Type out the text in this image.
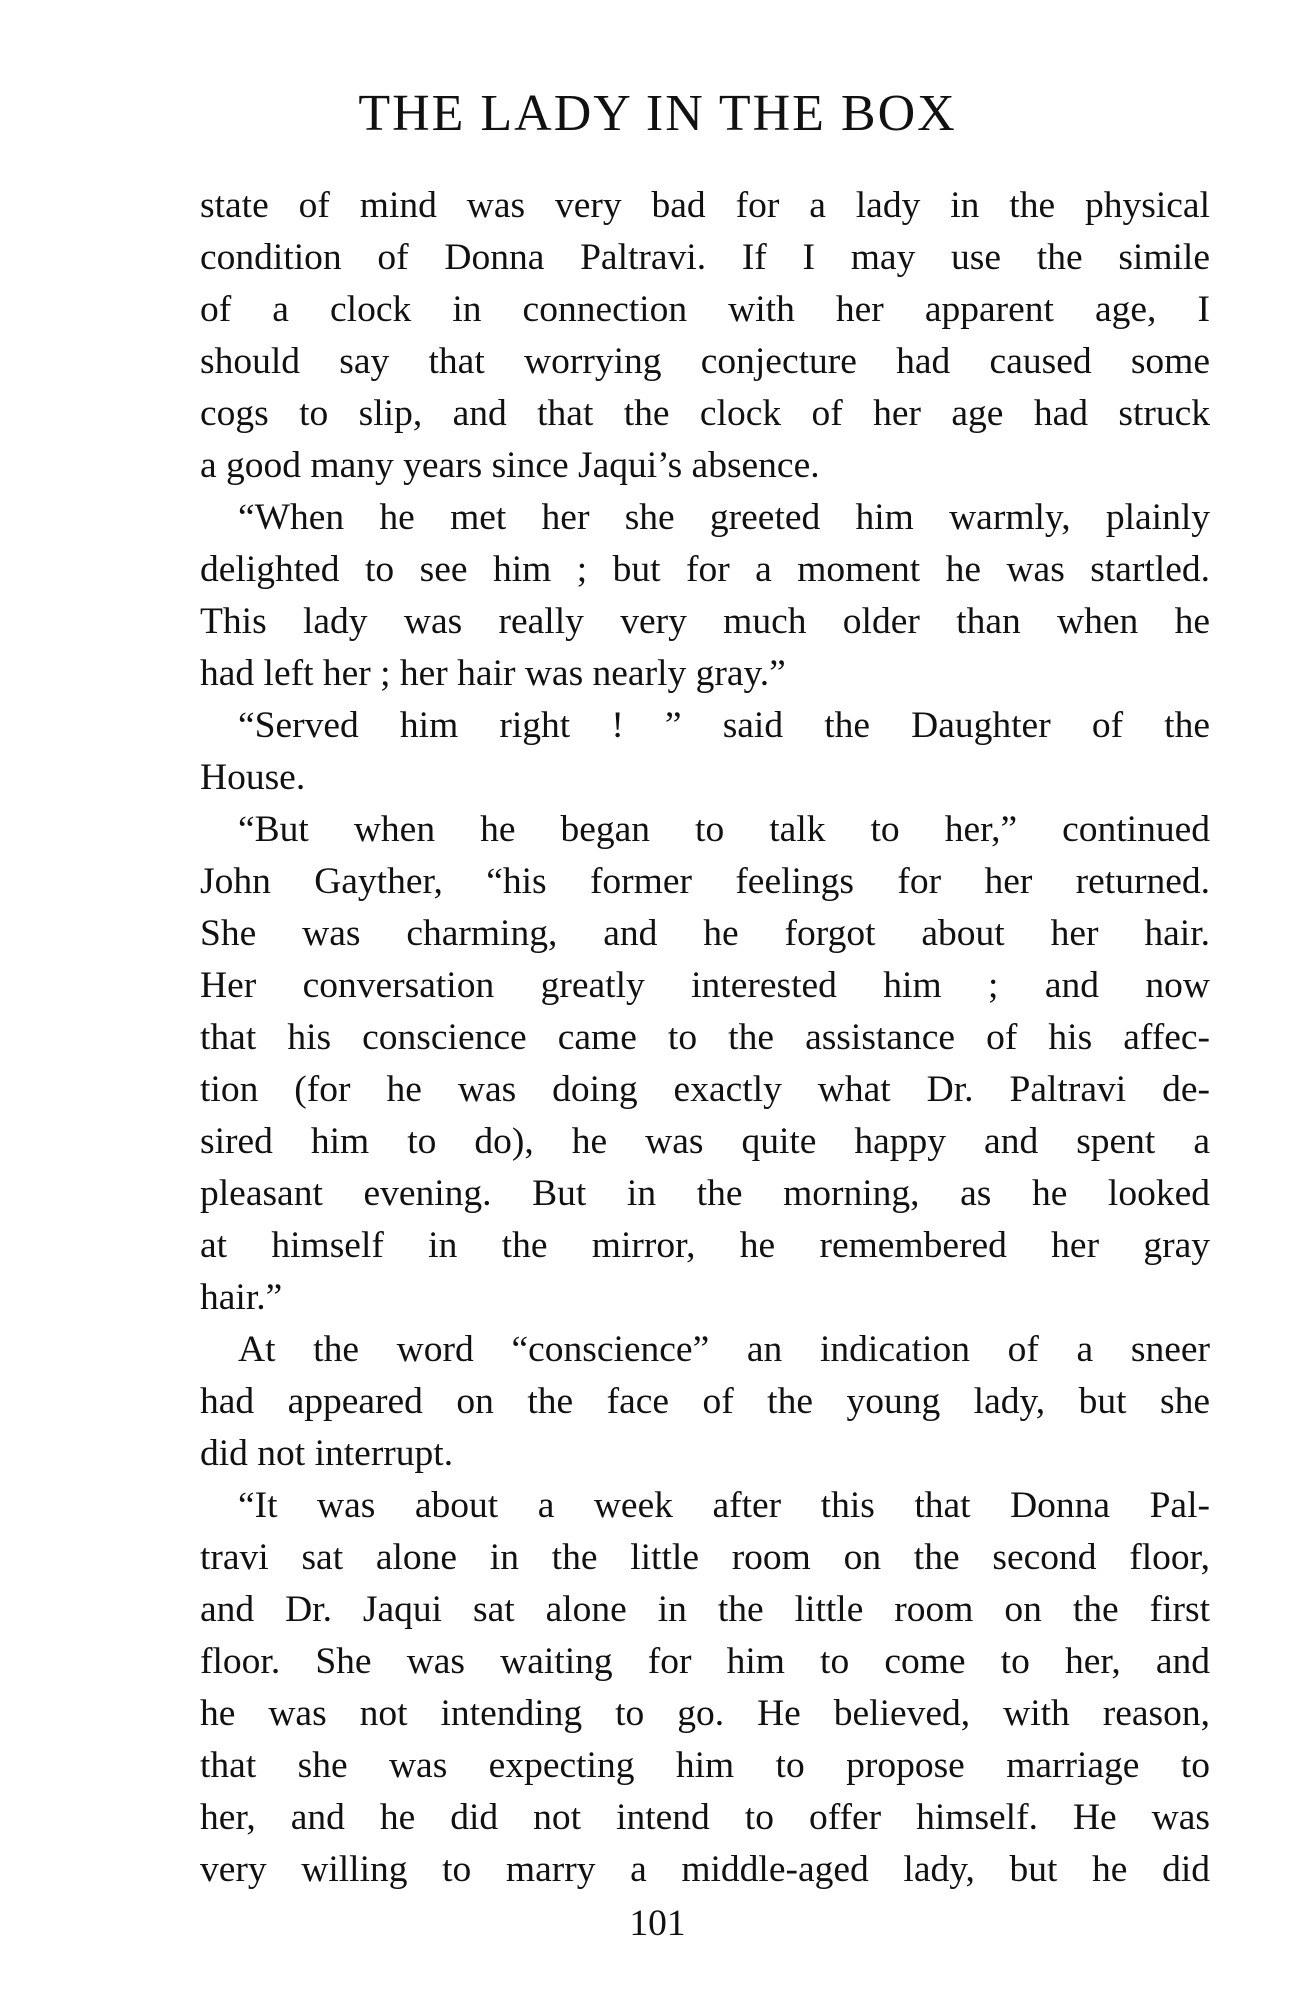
THE LADY IN THE BOX
state of mind was very bad for a lady in the physical
condition of Donna Paltravi. If I may use the simile
of a clock in connection with her apparent age, I
should say that worrying conjecture had caused some
cogs to slip, and that the clock of her age had struck
a good many years since Jaqui’s absence.
“When he met her she greeted him warmly, plainly
delighted to see him ; but for a moment he was startled.
This lady was really very much older than when he
had left her ; her hair was nearly gray.”
“Served him right ! ” said the Daughter of the
House.
“But when he began to talk to her,” continued
John Gayther, “his former feelings for her returned.
She was charming, and he forgot about her hair.
Her conversation greatly interested him ; and now
that his conscience came to the assistance of his affec-
tion (for he was doing exactly what Dr. Paltravi de-
sired him to do), he was quite happy and spent a
pleasant evening. But in the morning, as he looked
at himself in the mirror, he remembered her gray
hair.”
At the word “conscience” an indication of a sneer
had appeared on the face of the young lady, but she
did not interrupt.
“It was about a week after this that Donna Pal-
travi sat alone in the little room on the second floor,
and Dr. Jaqui sat alone in the little room on the first
floor. She was waiting for him to come to her, and
he was not intending to go. He believed, with reason,
that she was expecting him to propose marriage to
her, and he did not intend to offer himself. He was
very willing to marry a middle-aged lady, but he did
101
